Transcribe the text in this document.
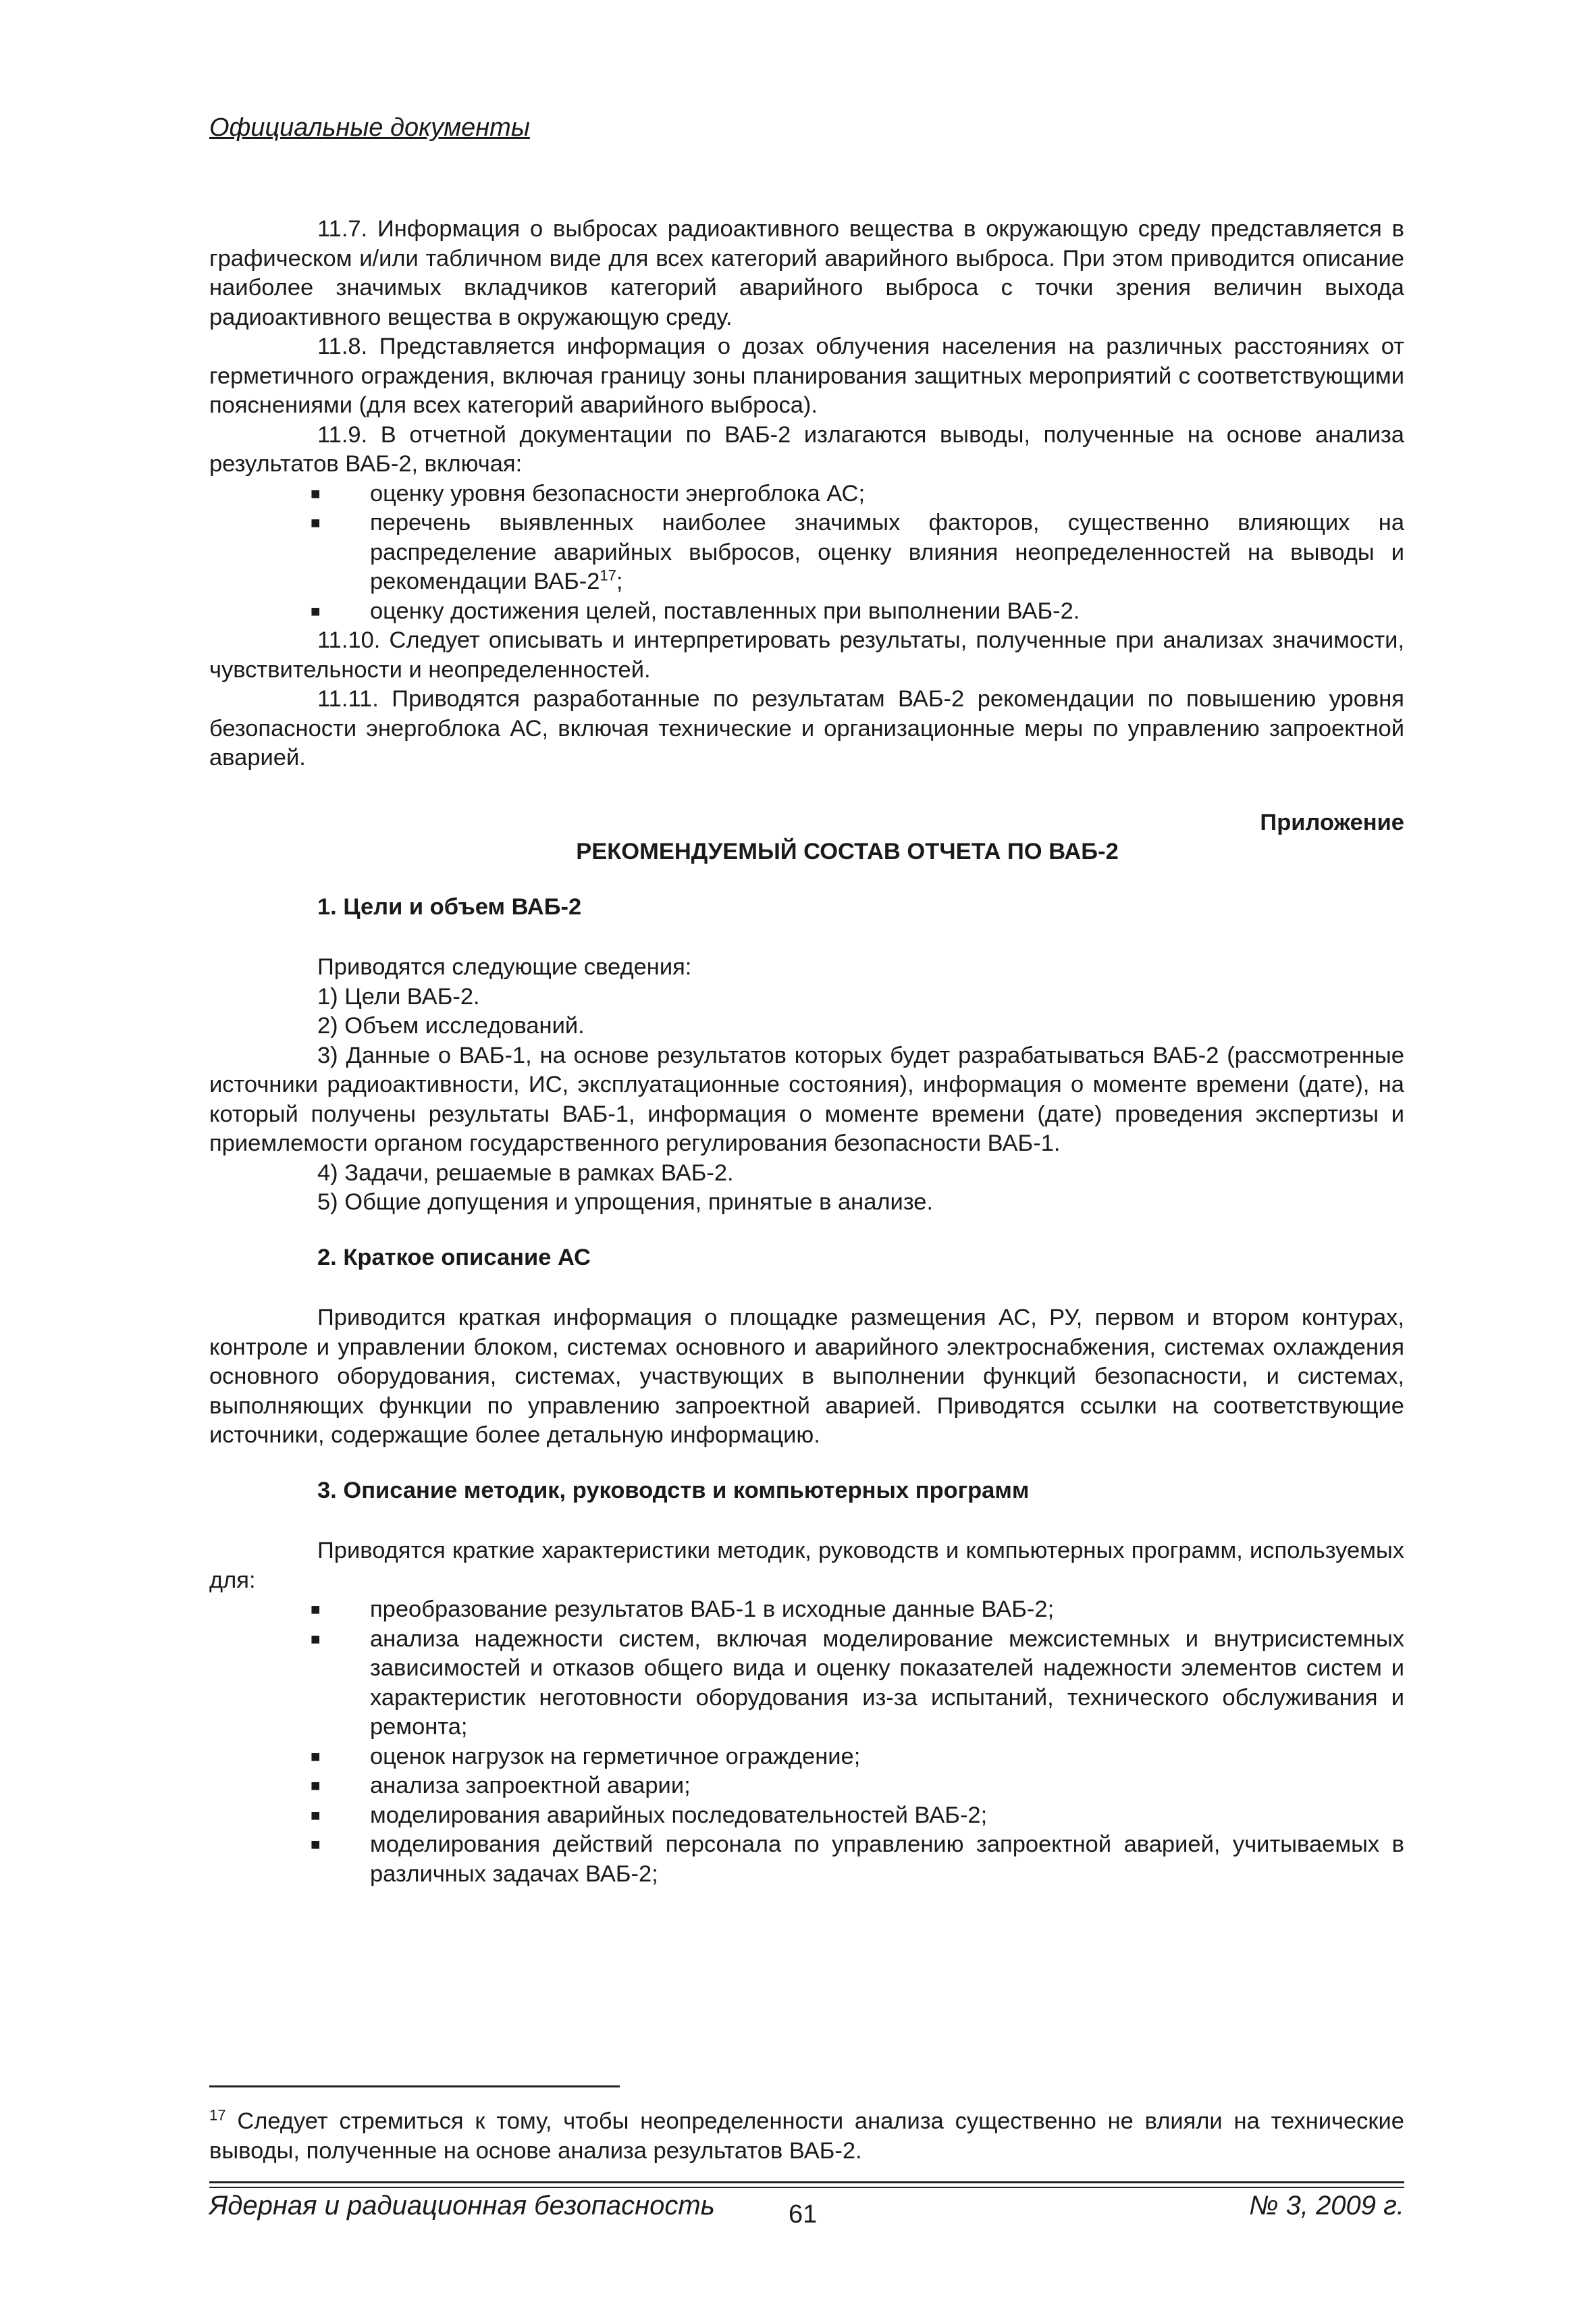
Официальные документы

11.7. Информация о выбросах радиоактивного вещества в окружающую среду представляется в графическом и/или табличном виде для всех категорий аварийного выброса. При этом приводится описание наиболее значимых вкладчиков категорий аварийного выброса с точки зрения величин выхода радиоактивного вещества в окружающую среду.

11.8. Представляется информация о дозах облучения населения на различных расстояниях от герметичного ограждения, включая границу зоны планирования защитных мероприятий с соответствующими пояснениями (для всех категорий аварийного выброса).

11.9. В отчетной документации по ВАБ-2 излагаются выводы, полученные на основе анализа результатов ВАБ-2, включая:

■ оценку уровня безопасности энергоблока АС;
■ перечень выявленных наиболее значимых факторов, существенно влияющих на распределение аварийных выбросов, оценку влияния неопределенностей на выводы и рекомендации ВАБ-$2^{17}$;
■ оценку достижения целей, поставленных при выполнении ВАБ-2.

11.10. Следует описывать и интерпретировать результаты, полученные при анализах значимости, чувствительности и неопределенностей.

11.11. Приводятся разработанные по результатам ВАБ-2 рекомендации по повышению уровня безопасности энергоблока АС, включая технические и организационные меры по управлению запроектной аварией.

Приложение

РЕКОМЕНДУЕМЫЙ СОСТАВ ОТЧЕТА ПО ВАБ-2

1. Цели и объем ВАБ-2

Приводятся следующие сведения:

1) Цели ВАБ-2.

2) Объем исследований.

3) Данные о ВАБ-1, на основе результатов которых будет разрабатываться ВАБ-2 (рассмотренные источники радиоактивности, ИС, эксплуатационные состояния), информация о моменте времени (дате), на который получены результаты ВАБ-1, информация о моменте времени (дате) проведения экспертизы и приемлемости органом государственного регулирования безопасности ВАБ-1.

4) Задачи, решаемые в рамках ВАБ-2.

5) Общие допущения и упрощения, принятые в анализе.

2. Краткое описание АС

Приводится краткая информация о площадке размещения АС, РУ, первом и втором контурах, контроле и управлении блоком, системах основного и аварийного электроснабжения, системах охлаждения основного оборудования, системах, участвующих в выполнении функций безопасности, и системах, выполняющих функции по управлению запроектной аварией. Приводятся ссылки на соответствующие источники, содержащие более детальную информацию.

3. Описание методик, руководств и компьютерных программ

Приводятся краткие характеристики методик, руководств и компьютерных программ, используемых для:

■ преобразование результатов ВАБ-1 в исходные данные ВАБ-2;
■ анализа надежности систем, включая моделирование межсистемных и внутрисистемных зависимостей и отказов общего вида и оценку показателей надежности элементов систем и характеристик неготовности оборудования из-за испытаний, технического обслуживания и ремонта;
■ оценок нагрузок на герметичное ограждение;
■ анализа запроектной аварии;
■ моделирования аварийных последовательностей ВАБ-2;
■ моделирования действий персонала по управлению запроектной аварией, учитываемых в различных задачах ВАБ-2;
$^{17}$ Следует стремиться к тому, чтобы неопределенности анализа существенно не влияли на технические выводы, полученные на основе анализа результатов ВАБ-2.
Ядерная и радиационная безопасность	61	№ 3, 2009 г.
